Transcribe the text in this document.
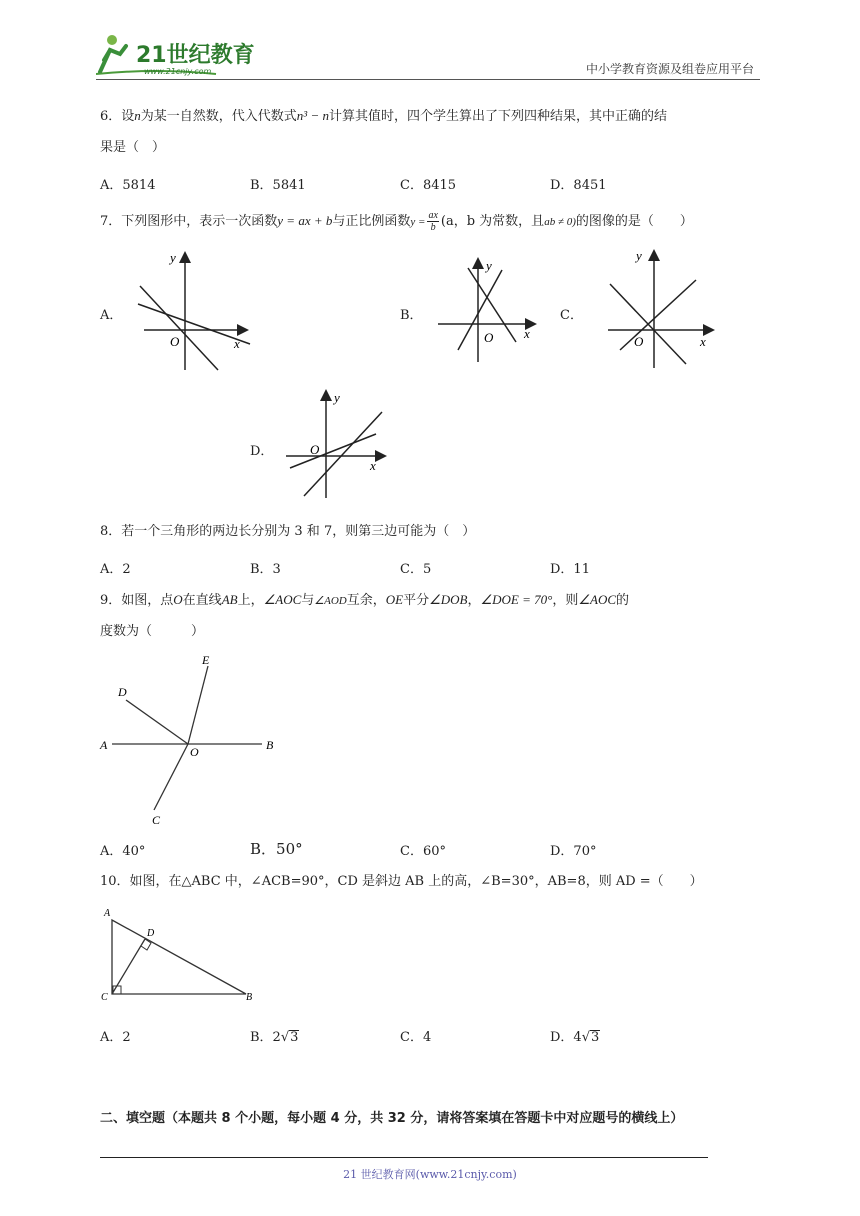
21世纪教育
www.21cnjy.com	中小学教育资源及组卷应用平台
6．设n为某一自然数，代入代数式n³ − n计算其值时，四个学生算出了下列四种结果，其中正确的结
果是（　）
A．5814	B．5841	C．8415	D．8451
7．下列图形中，表示一次函数y = ax + b与正比例函数$y = \frac{ax}{b} (a$，b 为常数，且ab ≠ 0)的图像的是（　　）
A．
y
O	x
B．
y
O x
C．
y
O	x
D．
y
O
x
8．若一个三角形的两边长分别为 3 和 7，则第三边可能为（　）
A．2	B．3	C．5	D．11
9．如图，点O在直线AB上，∠AOC与∠AOD互余，OE平分∠DOB，∠DOE = 70°，则∠AOC的
度数为（　　　）
E
D
A	O	B
C
A．40°	B．50°	C．60°	D．70°
10．如图，在△ABC 中，∠ACB=90°，CD 是斜边 AB 上的高，∠B=30°，AB=8，则 AD =（　　）
A
D
C	B
A．2	B．2√3	C．4	D．4√3
二、填空题（本题共 8 个小题，每小题 4 分，共 32 分，请将答案填在答题卡中对应题号的横线上）
21 世纪教育网(www.21cnjy.com)
